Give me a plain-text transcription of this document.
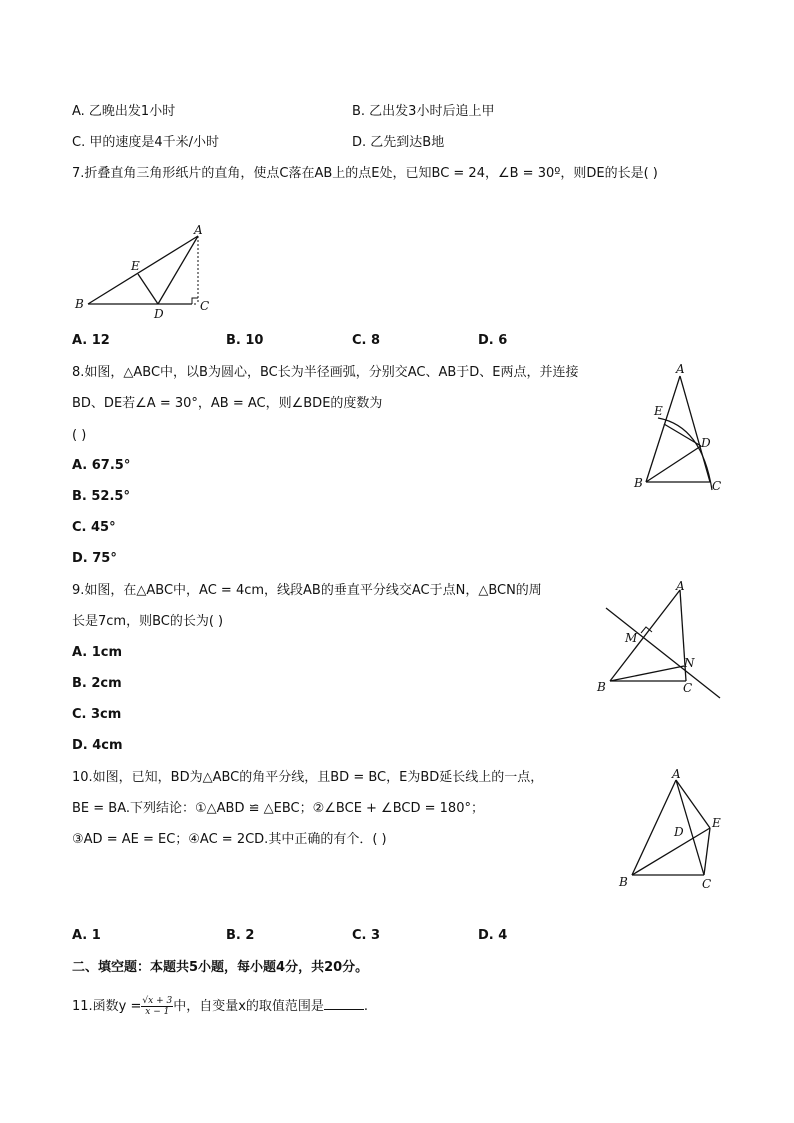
A. 乙晚出发1小时	B. 乙出发3小时后追上甲
C. 甲的速度是4千米/小时	D. 乙先到达B地
7.折叠直角三角形纸片的直角，使点C落在AB上的点E处，已知BC = 24，∠B = 30º，则DE的长是( )
A
B	C
D
E
A. 12	B. 10	C. 8	D. 6
8.如图，△ABC中，以B为圆心，BC长为半径画弧，分别交AC、AB于D、E两点，并连接
BD、DE若∠A = 30°，AB = AC，则∠BDE的度数为
( )
A. 67.5°
B. 52.5°
C. 45°
D. 75°
A
B	C
D
E
9.如图，在△ABC中，AC = 4cm，线段AB的垂直平分线交AC于点N，△BCN的周
长是7cm，则BC的长为( )
A. 1cm
B. 2cm
C. 3cm
D. 4cm
A
B	C
M
N
10.如图，已知，BD为△ABC的角平分线，且BD = BC，E为BD延长线上的一点，
BE = BA.下列结论：①△ABD ≌ △EBC；②∠BCE + ∠BCD = 180°；
③AD = AE = EC；④AC = 2CD.其中正确的有个．( )
A
B	C
D
E
A. 1	B. 2	C. 3	D. 4
二、填空题：本题共5小题，每小题4分，共20分。
11.函数$y = \frac{√x + 3}{x - 1}$ 中，自变量x的取值范围是	.
